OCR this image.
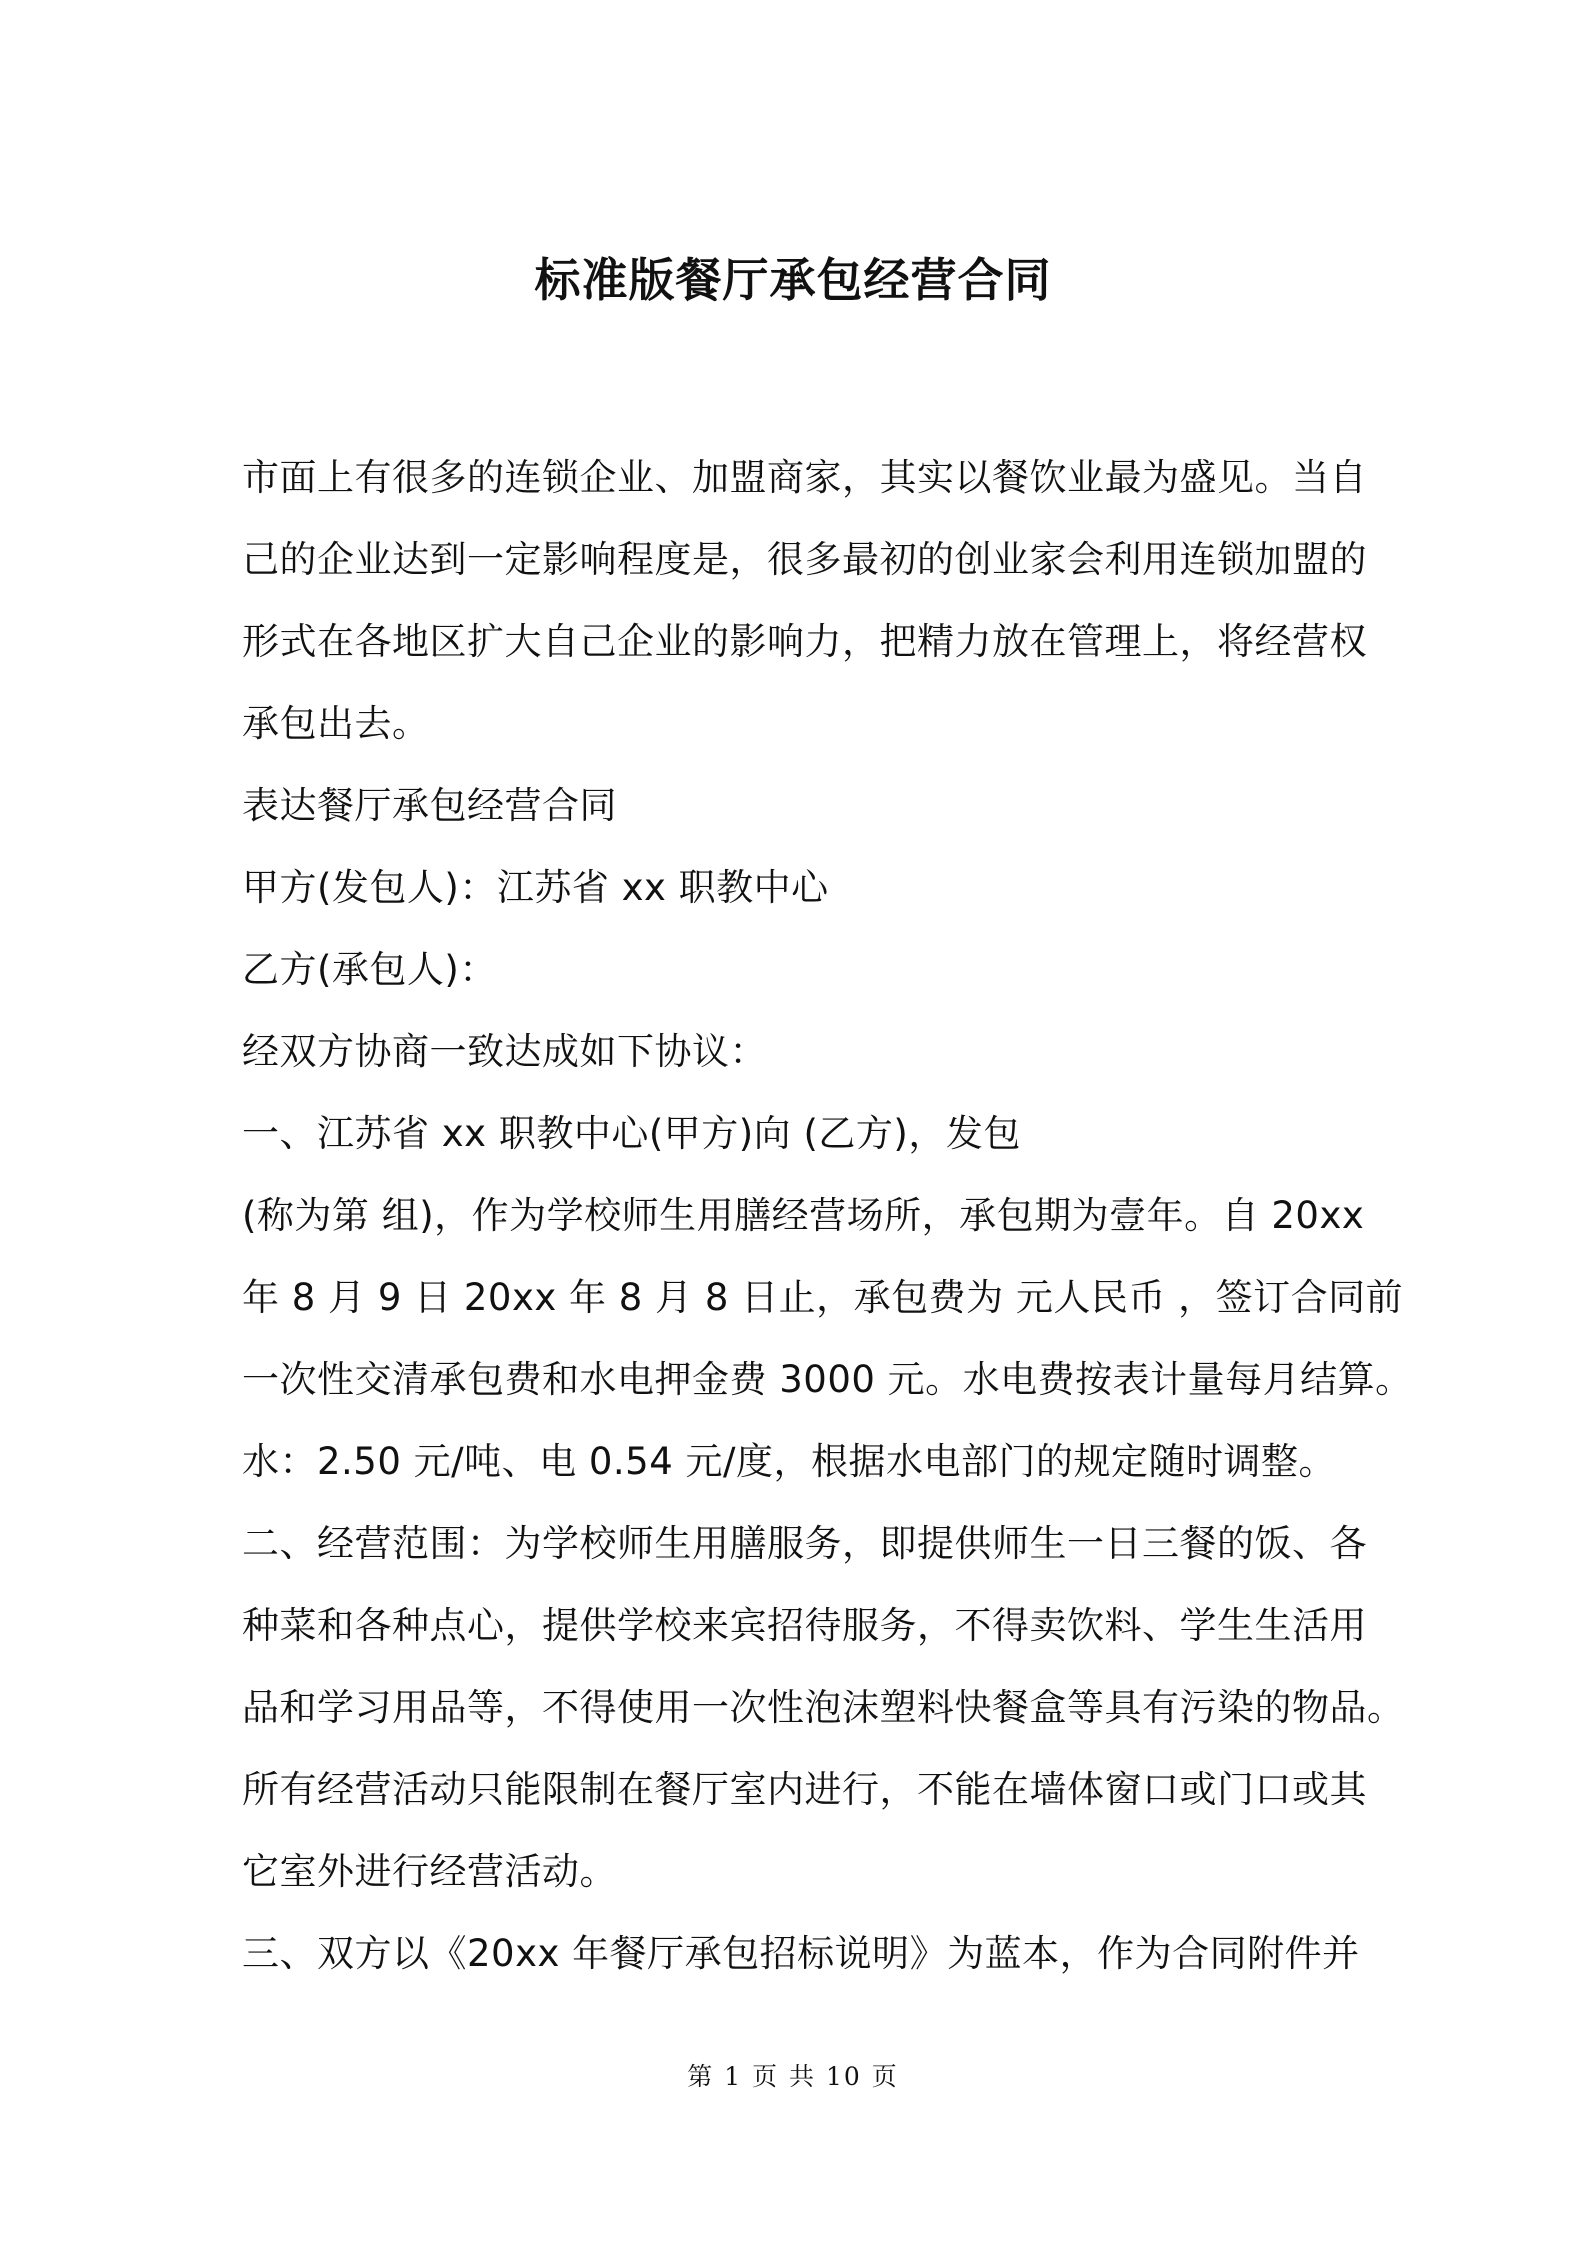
标准版餐厅承包经营合同
市面上有很多的连锁企业、加盟商家，其实以餐饮业最为盛见。当自
己的企业达到一定影响程度是，很多最初的创业家会利用连锁加盟的
形式在各地区扩大自己企业的影响力，把精力放在管理上，将经营权
承包出去。
表达餐厅承包经营合同
甲方(发包人)：江苏省 xx 职教中心
乙方(承包人)：
经双方协商一致达成如下协议：
一、江苏省 xx 职教中心(甲方)向 (乙方)，发包
(称为第 组)，作为学校师生用膳经营场所，承包期为壹年。自 20xx
年 8 月 9 日 20xx 年 8 月 8 日止，承包费为 元人民币 ，签订合同前
一次性交清承包费和水电押金费 3000 元。水电费按表计量每月结算。
水：2.50 元/吨、电 0.54 元/度，根据水电部门的规定随时调整。
二、经营范围：为学校师生用膳服务，即提供师生一日三餐的饭、各
种菜和各种点心，提供学校来宾招待服务，不得卖饮料、学生生活用
品和学习用品等，不得使用一次性泡沫塑料快餐盒等具有污染的物品。
所有经营活动只能限制在餐厅室内进行，不能在墙体窗口或门口或其
它室外进行经营活动。
三、双方以《20xx 年餐厅承包招标说明》为蓝本，作为合同附件并
第 1 页 共 10 页
